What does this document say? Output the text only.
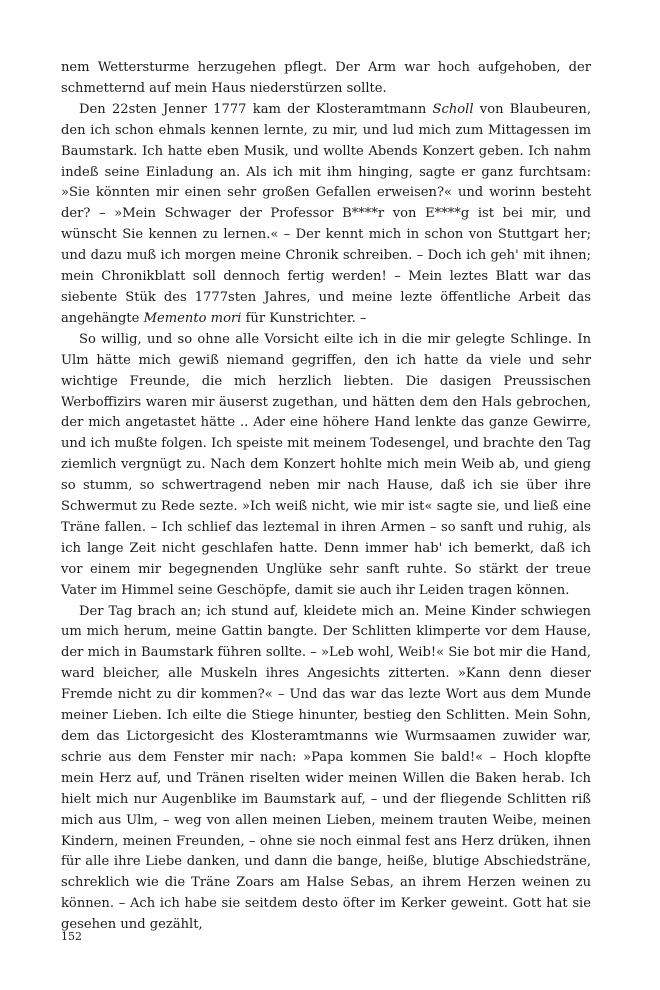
nem Wettersturme herzugehen pflegt. Der Arm war hoch aufgehoben, der schmetternd auf mein Haus niederstürzen sollte.

Den 22sten Jenner 1777 kam der Klosteramtmann Scholl von Blaubeuren, den ich schon ehmals kennen lernte, zu mir, und lud mich zum Mittagessen im Baumstark. Ich hatte eben Musik, und wollte Abends Konzert geben. Ich nahm indeß seine Einladung an. Als ich mit ihm hinging, sagte er ganz furchtsam: »Sie könnten mir einen sehr großen Gefallen erweisen?« und worinn besteht der? – »Mein Schwager der Professor B****r von E****g ist bei mir, und wünscht Sie kennen zu lernen.« – Der kennt mich in schon von Stuttgart her; und dazu muß ich morgen meine Chronik schreiben. – Doch ich geh' mit ihnen; mein Chronikblatt soll dennoch fertig werden! – Mein leztes Blatt war das siebente Stük des 1777sten Jahres, und meine lezte öffentliche Arbeit das angehängte Memento mori für Kunstrichter. –

So willig, und so ohne alle Vorsicht eilte ich in die mir gelegte Schlinge. In Ulm hätte mich gewiß niemand gegriffen, den ich hatte da viele und sehr wichtige Freunde, die mich herzlich liebten. Die dasigen Preussischen Werboffizirs waren mir äuserst zugethan, und hätten dem den Hals gebrochen, der mich angetastet hätte .. Ader eine höhere Hand lenkte das ganze Gewirre, und ich mußte folgen. Ich speiste mit meinem Todesengel, und brachte den Tag ziemlich vergnügt zu. Nach dem Konzert hohlte mich mein Weib ab, und gieng so stumm, so schwertragend neben mir nach Hause, daß ich sie über ihre Schwermut zu Rede sezte. »Ich weiß nicht, wie mir ist« sagte sie, und ließ eine Träne fallen. – Ich schlief das leztemal in ihren Armen – so sanft und ruhig, als ich lange Zeit nicht geschlafen hatte. Denn immer hab' ich bemerkt, daß ich vor einem mir begegnenden Unglüke sehr sanft ruhte. So stärkt der treue Vater im Himmel seine Geschöpfe, damit sie auch ihr Leiden tragen können.

Der Tag brach an; ich stund auf, kleidete mich an. Meine Kinder schwiegen um mich herum, meine Gattin bangte. Der Schlitten klimperte vor dem Hause, der mich in Baumstark führen sollte. – »Leb wohl, Weib!« Sie bot mir die Hand, ward bleicher, alle Muskeln ihres Angesichts zitterten. »Kann denn dieser Fremde nicht zu dir kommen?« – Und das war das lezte Wort aus dem Munde meiner Lieben. Ich eilte die Stiege hinunter, bestieg den Schlitten. Mein Sohn, dem das Lictorgesicht des Klosteramtmanns wie Wurmsaamen zuwider war, schrie aus dem Fenster mir nach: »Papa kommen Sie bald!« – Hoch klopfte mein Herz auf, und Tränen riselten wider meinen Willen die Baken herab. Ich hielt mich nur Augenblike im Baumstark auf, – und der fliegende Schlitten riß mich aus Ulm, – weg von allen meinen Lieben, meinem trauten Weibe, meinen Kindern, meinen Freunden, – ohne sie noch einmal fest ans Herz drüken, ihnen für alle ihre Liebe danken, und dann die bange, heiße, blutige Abschiedsträne, schreklich wie die Träne Zoars am Halse Sebas, an ihrem Herzen weinen zu können. – Ach ich habe sie seitdem desto öfter im Kerker geweint. Gott hat sie gesehen und gezählt,

152
